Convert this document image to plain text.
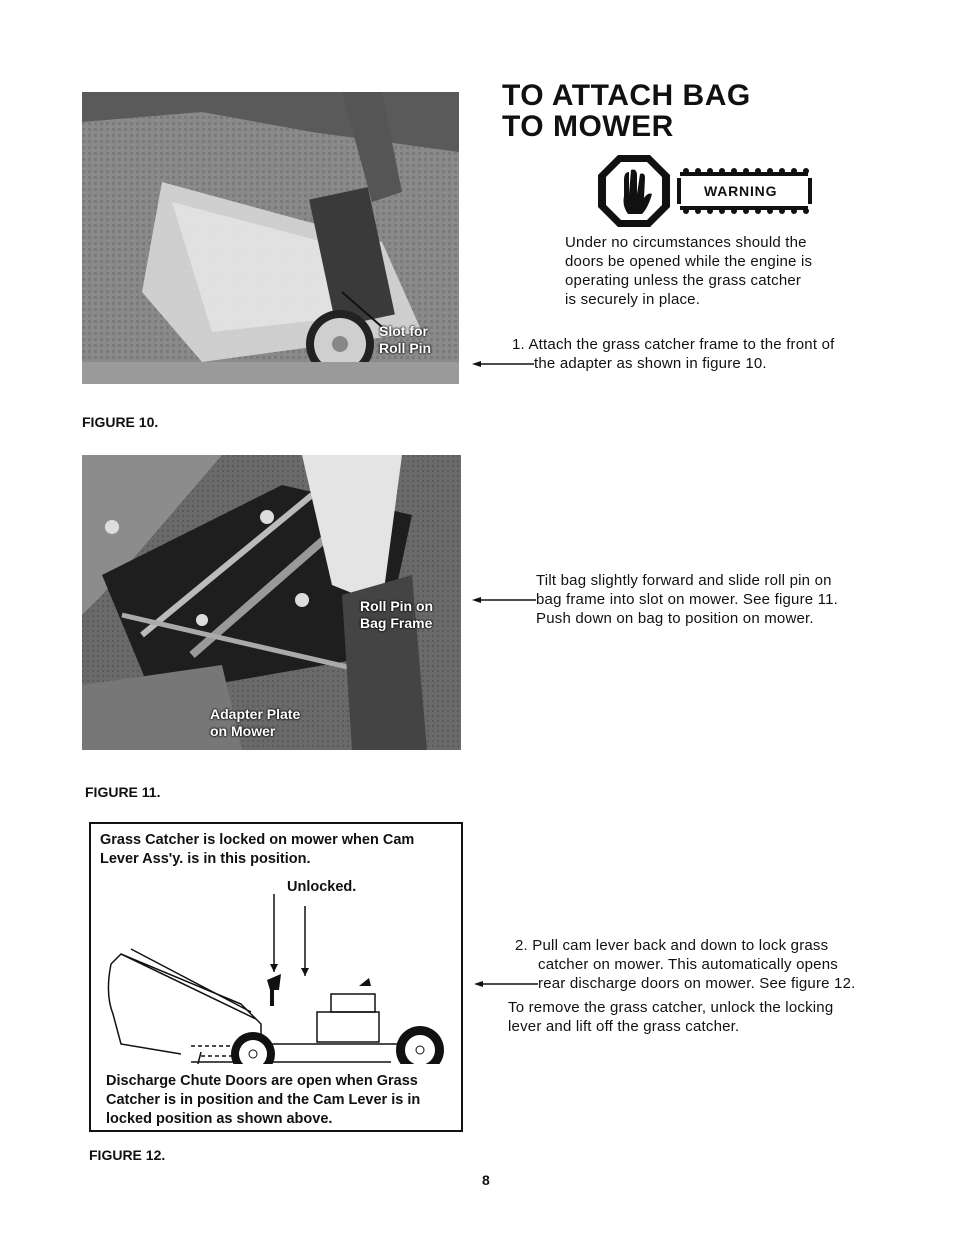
TO ATTACH BAG
TO MOWER
WARNING
Under no circumstances should the
doors be opened while the engine is
operating unless the grass catcher
is securely in place.
1. Attach the grass catcher frame to the front of
the adapter as shown in figure 10.
Slot for
Roll Pin
FIGURE 10.
Tilt bag slightly forward and slide roll pin on
bag frame into slot on mower. See figure 11.
Push down on bag to position on mower.
Roll Pin on
Bag Frame
Adapter Plate
on Mower
FIGURE 11.
Grass Catcher is locked on mower when Cam
Lever Ass'y. is in this position.
Unlocked.
Discharge Chute Doors are open when Grass
Catcher is in position and the Cam Lever is in
locked position as shown above.
FIGURE 12.
2. Pull cam lever back and down to lock grass
catcher on mower. This automatically opens
rear discharge doors on mower. See figure 12.
To remove the grass catcher, unlock the locking
lever and lift off the grass catcher.
8
